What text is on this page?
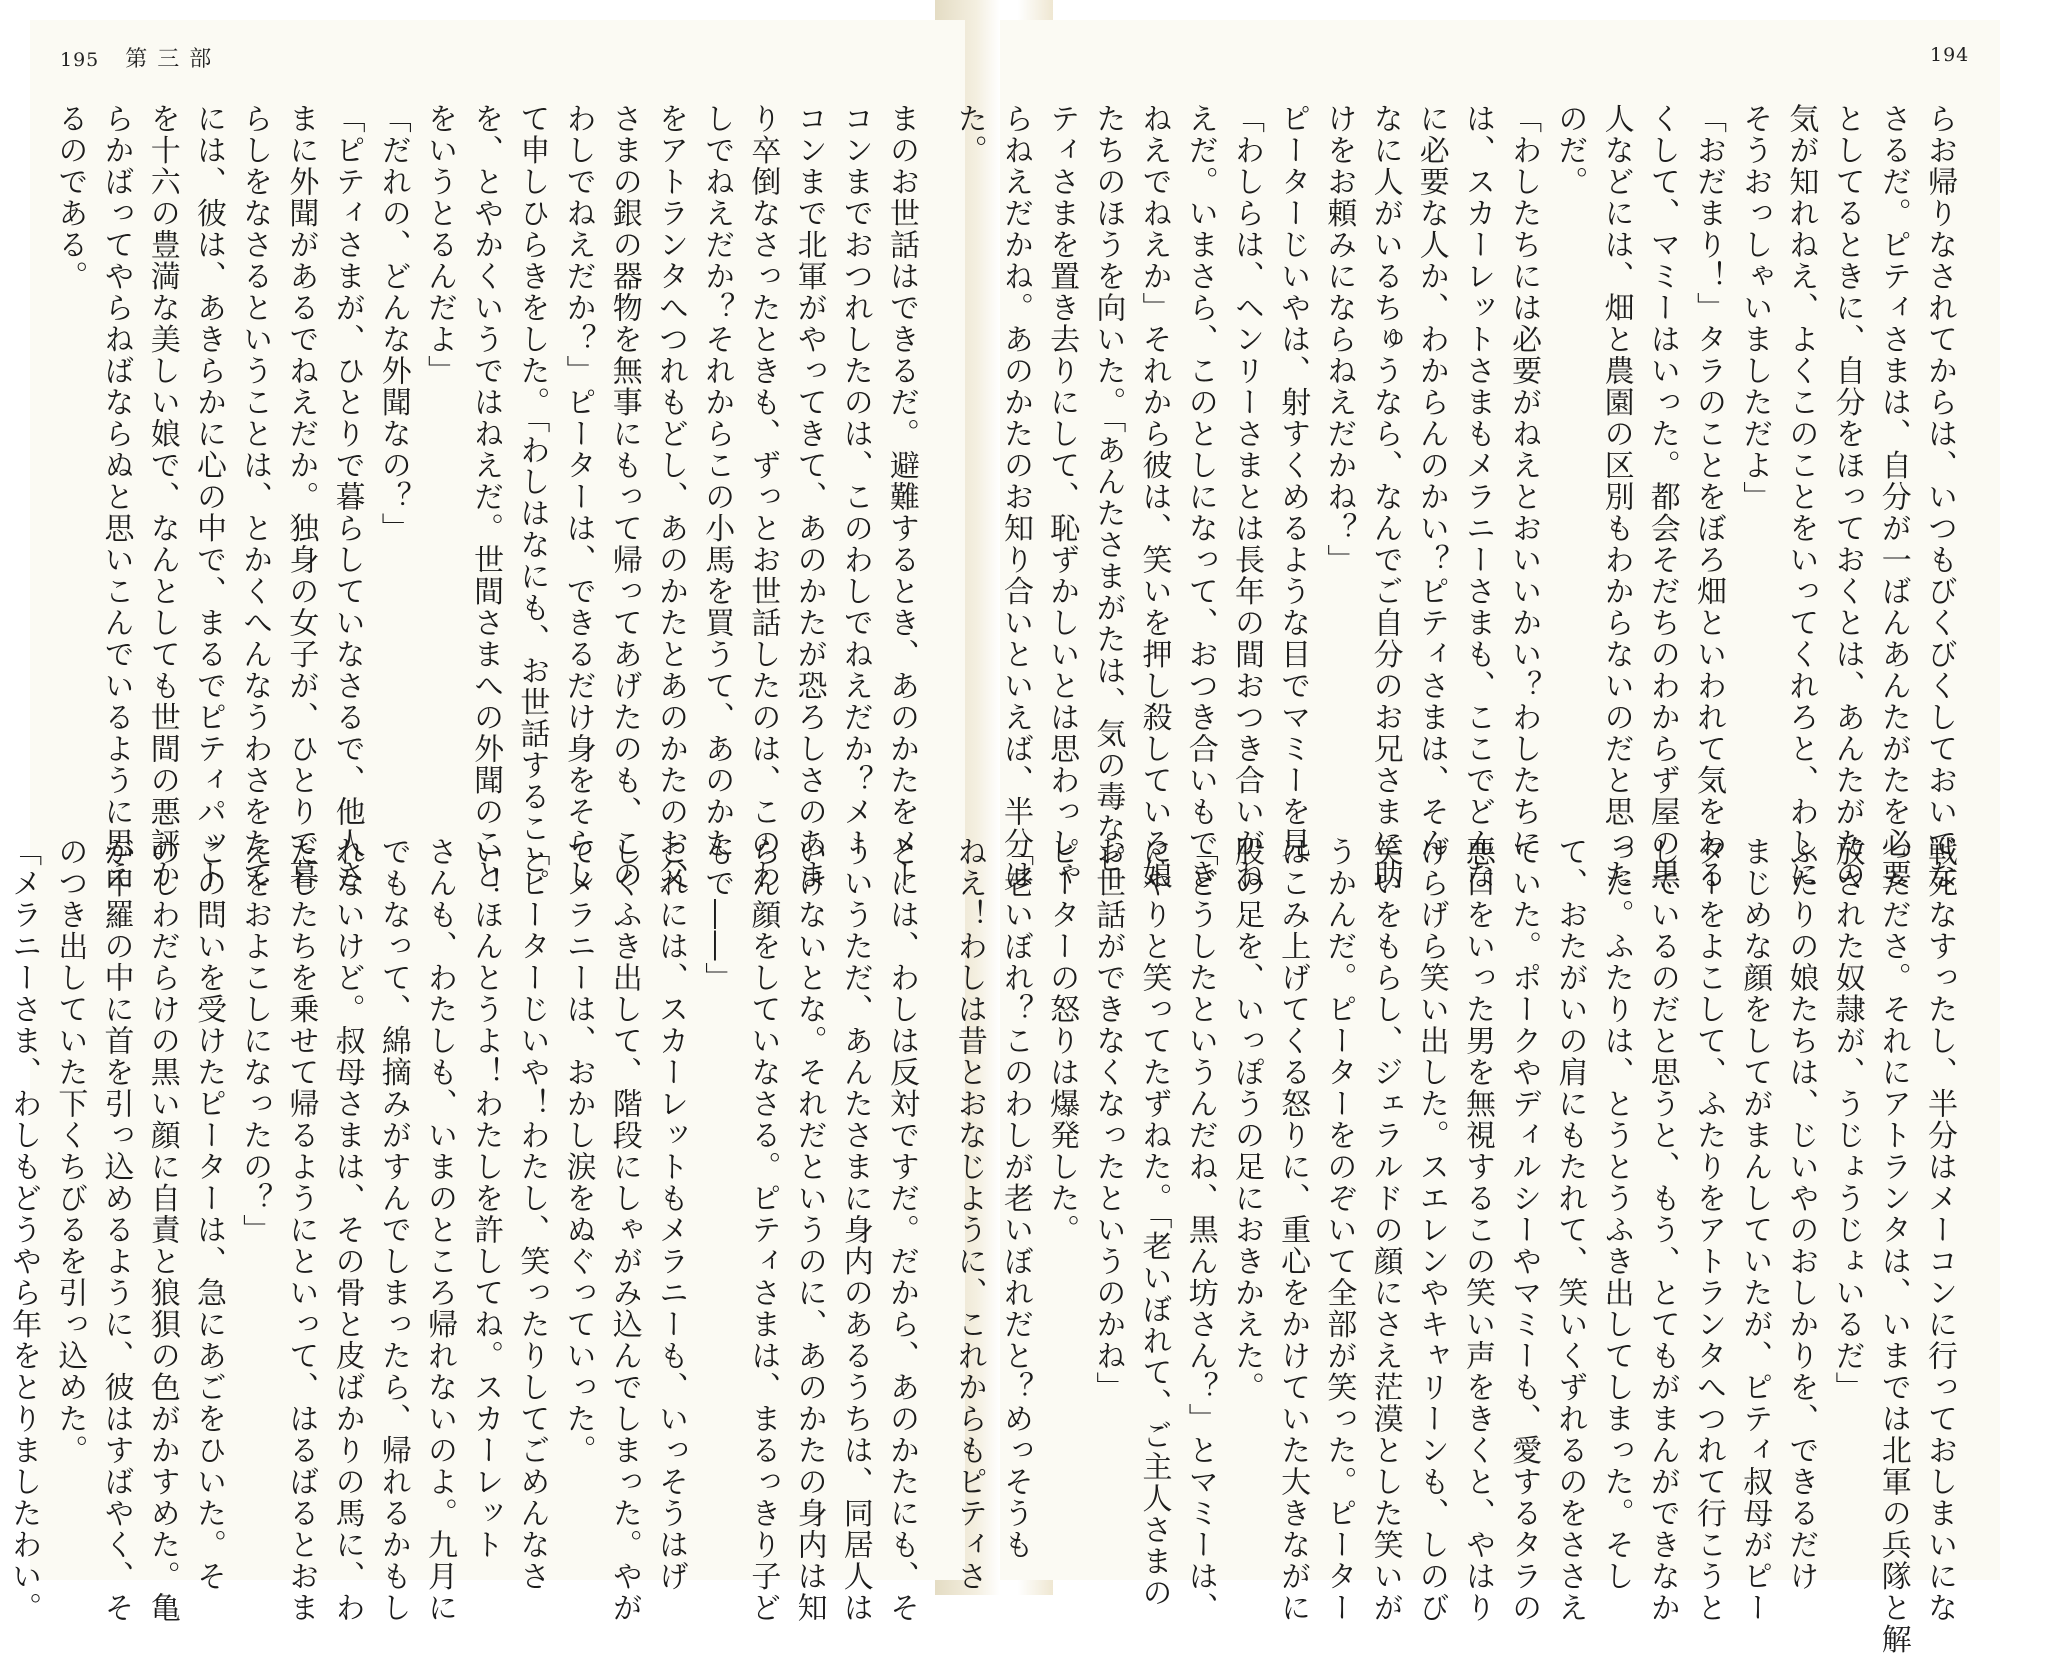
195 第三部	194
まのお世話はできるだ。避難するとき、あのかたをメー
コンまでおつれしたのは、このわしでねえだか？メー
コンまで北軍がやってきて、あのかたが恐ろしさのあま
り卒倒なさったときも、ずっとお世話したのは、このわ
しでねえだか？それからこの小馬を買うて、あのかた
をアトランタへつれもどし、あのかたとあのかたのお父
さまの銀の器物を無事にもって帰ってあげたのも、この
わしでねえだか？」ピーターは、できるだけ身をそらし
て申しひらきをした。「わしはなにも、お世話すること
を、とやかくいうではねえだ。世間さまへの外聞のこと
をいうとるんだよ」
「だれの、どんな外聞なの？」
「ピティさまが、ひとりで暮らしていなさるで、他人さ
まに外聞があるでねえだか。独身の女子が、ひとりで暮
らしをなさるということは、とかくへんなうわさをたて
には、彼は、あきらかに心の中で、まるでピティパット
を十六の豊満な美しい娘で、なんとしても世間の悪評か
らかばってやらねばならぬと思いこんでいるように思え
るのである。
とには、わしは反対ですだ。だから、あのかたにも、そ
ういうただ、あんたさまに身内のあるうちは、同居人は
いけないとな。それだというのに、あのかたの身内は知
らん顔をしていなさる。ピティさまは、まるっきり子ど
もで――」
これには、スカーレットもメラニーも、いっそうはげ
しくふき出して、階段にしゃがみ込んでしまった。やが
てメラニーは、おかし涙をぬぐっていった。
「ピーターじいや！わたし、笑ったりしてごめんなさ
い！ほんとうよ！わたしを許してね。スカーレット
さんも、わたしも、いまのところ帰れないのよ。九月に
でもなって、綿摘みがすんでしまったら、帰れるかもし
れないけど。叔母さまは、その骨と皮ばかりの馬に、わ
たしたちを乗せて帰るようにといって、はるばるとおま
えをおよこしになったの？」
この問いを受けたピーターは、急にあごをひいた。そ
のしわだらけの黒い顔に自責と狼狽の色がかすめた。亀
が甲羅の中に首を引っ込めるように、彼はすばやく、そ
のつき出していた下くちびるを引っ込めた。
「メラニーさま、わしもどうやら年をとりましたわい。
らお帰りなされてからは、いつもびくびくしておいでな
さるだ。ピティさまは、自分が一ばんあんたがたを必要
としてるときに、自分をほっておくとは、あんたがたの
気が知れねえ、よくこのことをいってくれろと、わしに
そうおっしゃいましただよ」
「おだまり！」タラのことをぼろ畑といわれて気をわる
くして、マミーはいった。都会そだちのわからず屋の黒
人などには、畑と農園の区別もわからないのだと思った
のだ。
「わしたちには必要がねえとおいいかい？わしたちに
は、スカーレットさまもメラニーさまも、ここでどんな
に必要な人か、わからんのかい？ピティさまは、そん
なに人がいるちゅうなら、なんでご自分のお兄さまに助
けをお頼みにならねえだかね？」
ピーターじいやは、射すくめるような目でマミーを見
「わしらは、ヘンリーさまとは長年の間おつき合いがね
えだ。いまさら、このとしになって、おつき合いもでき
ねえでねえか」それから彼は、笑いを押し殺している娘
たちのほうを向いた。「あんたさまがたは、気の毒なピ
ティさまを置き去りにして、恥ずかしいとは思わっしゃ
らねえだかね。あのかたのお知り合いといえば、半分は
た。
戦死なすったし、半分はメーコンに行っておしまいにな
ったださ。それにアトランタは、いまでは北軍の兵隊と解
放された奴隷が、うじょうじょいるだ」
ふたりの娘たちは、じいやのおしかりを、できるだけ
まじめな顔をしてがまんしていたが、ピティ叔母がピー
ターをよこして、ふたりをアトランタへつれて行こうと
しているのだと思うと、もう、とてもがまんができなか
った。ふたりは、とうとうふき出してしまった。そし
て、おたがいの肩にもたれて、笑いくずれるのをささえ
ていた。ポークやディルシーやマミーも、愛するタラの
悪口をいった男を無視するこの笑い声をきくと、やはり
げらげら笑い出した。スエレンやキャリーンも、しのび
笑いをもらし、ジェラルドの顔にさえ茫漠とした笑いが
うかんだ。ピーターをのぞいて全部が笑った。ピーター
はこみ上げてくる怒りに、重心をかけていた大きながに
股の足を、いっぽうの足におきかえた。
「どうしたというんだね、黒ん坊さん？」とマミーは、
にやりと笑ってたずねた。「老いぼれて、ご主人さまの
お世話ができなくなったというのかね」
ピーターの怒りは爆発した。
「老いぼれ？このわしが老いぼれだと？めっそうも
ねえ！わしは昔とおなじように、これからもピティさ
